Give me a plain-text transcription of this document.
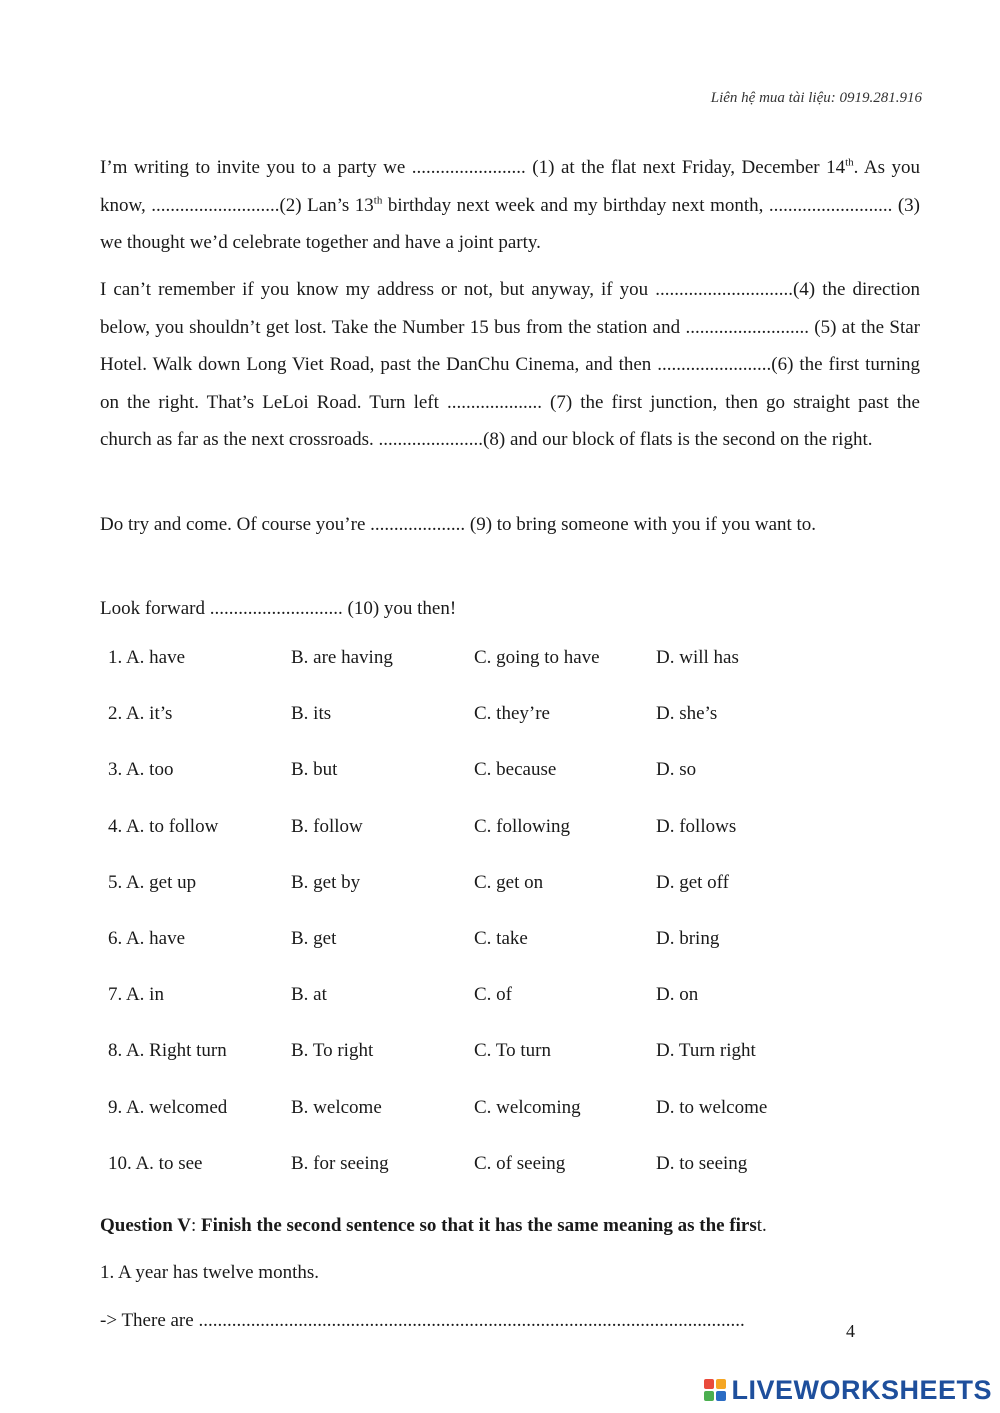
Liên hệ mua tài liệu: 0919.281.916

I’m writing to invite you to a party we ........................ (1) at the flat next Friday, December 14th. As you know, ...........................(2) Lan’s 13th birthday next week and my birthday next month, .......................... (3) we thought we’d celebrate together and have a joint party.

I can’t remember if you know my address or not, but anyway, if you .............................(4) the direction below, you shouldn’t get lost. Take the Number 15 bus from the station and .......................... (5) at the Star Hotel. Walk down Long Viet Road, past the DanChu Cinema, and then ........................(6) the first turning on the right. That’s LeLoi Road. Turn left .................... (7) the first junction, then go straight past the church as far as the next crossroads. ......................(8) and our block of flats is the second on the right.

Do try and come. Of course you’re .................... (9) to bring someone with you if you want to.

Look forward ............................ (10) you then!

1. A. have	B. are having	C. going to have	D. will has
2. A. it’s	B. its	C. they’re	D. she’s
3. A. too	B. but	C. because	D. so
4. A. to follow	B. follow	C. following	D. follows
5. A. get up	B. get by	C. get on	D. get off
6. A. have	B. get	C. take	D. bring
7. A. in	B. at	C. of	D. on
8. A. Right turn	B. To right	C. To turn	D. Turn right
9. A. welcomed	B. welcome	C. welcoming	D. to welcome
10. A. to see	B. for seeing	C. of seeing	D. to seeing
Question V: Finish the second sentence so that it has the same meaning as the first.
1. A year has twelve months.
-> There are ...................................................................................................................	4
LIVEWORKSHEETS
